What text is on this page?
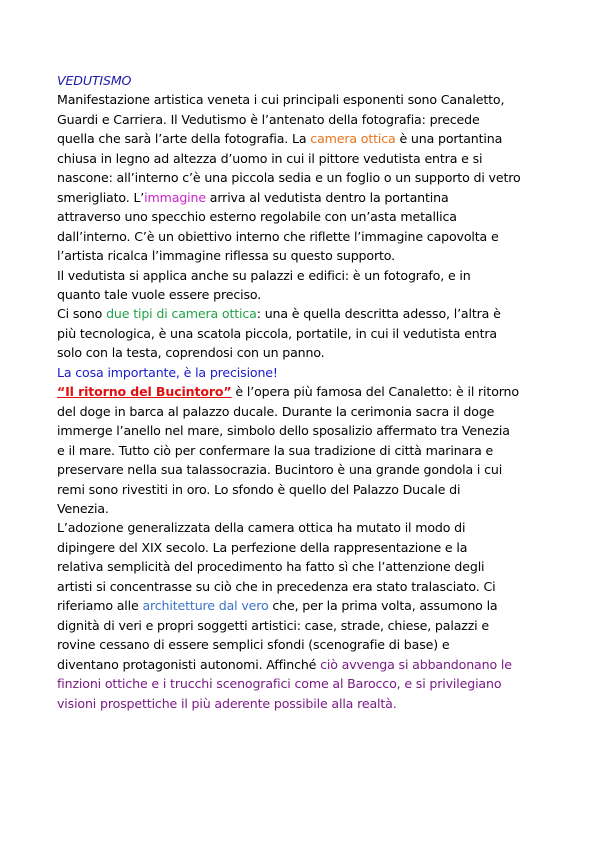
VEDUTISMO
Manifestazione artistica veneta i cui principali esponenti sono Canaletto,
Guardi e Carriera. Il Vedutismo è l’antenato della fotografia: precede
quella che sarà l’arte della fotografia. La camera ottica è una portantina
chiusa in legno ad altezza d’uomo in cui il pittore vedutista entra e si
nascone: all’interno c’è una piccola sedia e un foglio o un supporto di vetro
smerigliato. L’immagine arriva al vedutista dentro la portantina
attraverso uno specchio esterno regolabile con un’asta metallica
dall’interno. C’è un obiettivo interno che riflette l’immagine capovolta e
l’artista ricalca l’immagine riflessa su questo supporto.
Il vedutista si applica anche su palazzi e edifici: è un fotografo, e in
quanto tale vuole essere preciso.
Ci sono due tipi di camera ottica: una è quella descritta adesso, l’altra è
più tecnologica, è una scatola piccola, portatile, in cui il vedutista entra
solo con la testa, coprendosi con un panno.
La cosa importante, è la precisione!
“Il ritorno del Bucintoro” è l’opera più famosa del Canaletto: è il ritorno
del doge in barca al palazzo ducale. Durante la cerimonia sacra il doge
immerge l’anello nel mare, simbolo dello sposalizio affermato tra Venezia
e il mare. Tutto ciò per confermare la sua tradizione di città marinara e
preservare nella sua talassocrazia. Bucintoro è una grande gondola i cui
remi sono rivestiti in oro. Lo sfondo è quello del Palazzo Ducale di
Venezia.
L’adozione generalizzata della camera ottica ha mutato il modo di
dipingere del XIX secolo. La perfezione della rappresentazione e la
relativa semplicità del procedimento ha fatto sì che l’attenzione degli
artisti si concentrasse su ciò che in precedenza era stato tralasciato. Ci
riferiamo alle architetture dal vero che, per la prima volta, assumono la
dignità di veri e propri soggetti artistici: case, strade, chiese, palazzi e
rovine cessano di essere semplici sfondi (scenografie di base) e
diventano protagonisti autonomi. Affinché ciò avvenga si abbandonano le
finzioni ottiche e i trucchi scenografici come al Barocco, e si privilegiano
visioni prospettiche il più aderente possibile alla realtà.
